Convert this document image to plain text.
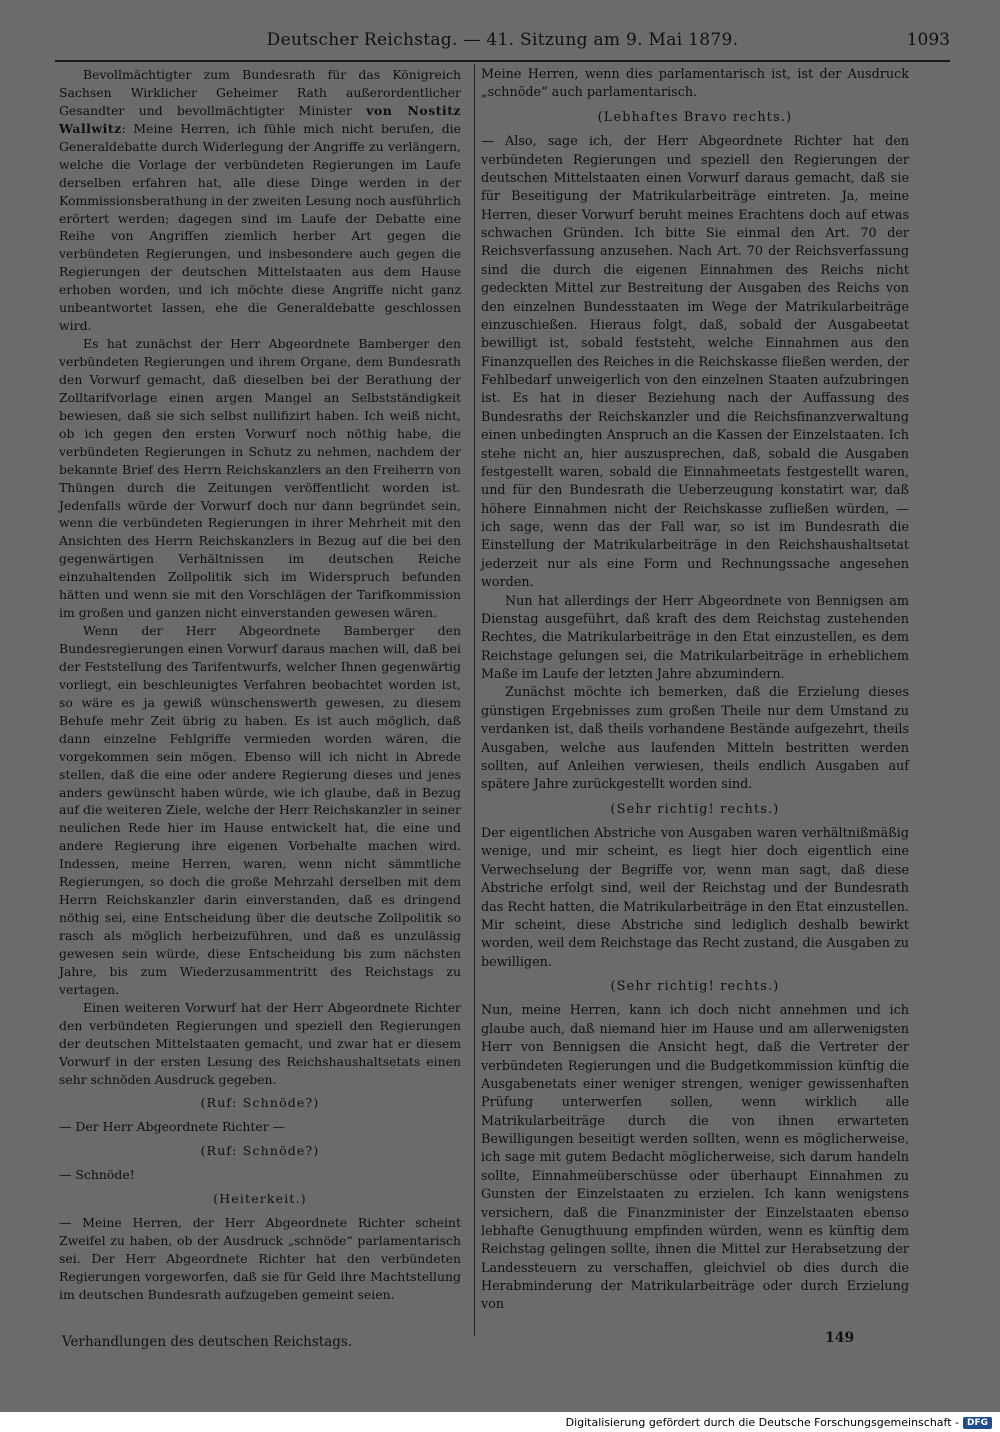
Deutscher Reichstag. — 41. Sitzung am 9. Mai 1879.	1093

Bevollmächtigter zum Bundesrath für das Königreich Sachsen Wirklicher Geheimer Rath außerordentlicher Gesandter und bevollmächtigter Minister von Nostitz Wallwitz: Meine Herren, ich fühle mich nicht berufen, die Generaldebatte durch Widerlegung der Angriffe zu verlängern, welche die Vorlage der verbündeten Regierungen im Laufe derselben erfahren hat, alle diese Dinge werden in der Kommissionsberathung in der zweiten Lesung noch ausführlich erörtert werden; dagegen sind im Laufe der Debatte eine Reihe von Angriffen ziemlich herber Art gegen die verbündeten Regierungen, und insbesondere auch gegen die Regierungen der deutschen Mittelstaaten aus dem Hause erhoben worden, und ich möchte diese Angriffe nicht ganz unbeantwortet lassen, ehe die Generaldebatte geschlossen wird.

Es hat zunächst der Herr Abgeordnete Bamberger den verbündeten Regierungen und ihrem Organe, dem Bundesrath den Vorwurf gemacht, daß dieselben bei der Berathung der Zolltarifvorlage einen argen Mangel an Selbstständigkeit bewiesen, daß sie sich selbst nullifizirt haben. Ich weiß nicht, ob ich gegen den ersten Vorwurf noch nöthig habe, die verbündeten Regierungen in Schutz zu nehmen, nachdem der bekannte Brief des Herrn Reichskanzlers an den Freiherrn von Thüngen durch die Zeitungen veröffentlicht worden ist. Jedenfalls würde der Vorwurf doch nur dann begründet sein, wenn die verbündeten Regierungen in ihrer Mehrheit mit den Ansichten des Herrn Reichskanzlers in Bezug auf die bei den gegenwärtigen Verhältnissen im deutschen Reiche einzuhaltenden Zollpolitik sich im Widerspruch befunden hätten und wenn sie mit den Vorschlägen der Tarifkommission im großen und ganzen nicht einverstanden gewesen wären.

Wenn der Herr Abgeordnete Bamberger den Bundesregierungen einen Vorwurf daraus machen will, daß bei der Feststellung des Tarifentwurfs, welcher Ihnen gegenwärtig vorliegt, ein beschleunigtes Verfahren beobachtet worden ist, so wäre es ja gewiß wünschenswerth gewesen, zu diesem Behufe mehr Zeit übrig zu haben. Es ist auch möglich, daß dann einzelne Fehlgriffe vermieden worden wären, die vorgekommen sein mögen. Ebenso will ich nicht in Abrede stellen, daß die eine oder andere Regierung dieses und jenes anders gewünscht haben würde, wie ich glaube, daß in Bezug auf die weiteren Ziele, welche der Herr Reichskanzler in seiner neulichen Rede hier im Hause entwickelt hat, die eine und andere Regierung ihre eigenen Vorbehalte machen wird. Indessen, meine Herren, waren, wenn nicht sämmtliche Regierungen, so doch die große Mehrzahl derselben mit dem Herrn Reichskanzler darin einverstanden, daß es dringend nöthig sei, eine Entscheidung über die deutsche Zollpolitik so rasch als möglich herbeizuführen, und daß es unzulässig gewesen sein würde, diese Entscheidung bis zum nächsten Jahre, bis zum Wiederzusammentritt des Reichstags zu vertagen.

Einen weiteren Vorwurf hat der Herr Abgeordnete Richter den verbündeten Regierungen und speziell den Regierungen der deutschen Mittelstaaten gemacht, und zwar hat er diesem Vorwurf in der ersten Lesung des Reichshaushaltsetats einen sehr schnöden Ausdruck gegeben.

(Ruf: Schnöde?)

— Der Herr Abgeordnete Richter —

(Ruf: Schnöde?)

— Schnöde!

(Heiterkeit.)

— Meine Herren, der Herr Abgeordnete Richter scheint Zweifel zu haben, ob der Ausdruck „schnöde“ parlamentarisch sei. Der Herr Abgeordnete Richter hat den verbündeten Regierungen vorgeworfen, daß sie für Geld ihre Machtstellung im deutschen Bundesrath aufzugeben gemeint seien.

Meine Herren, wenn dies parlamentarisch ist, ist der Ausdruck „schnöde“ auch parlamentarisch.

(Lebhaftes Bravo rechts.)

— Also, sage ich, der Herr Abgeordnete Richter hat den verbündeten Regierungen und speziell den Regierungen der deutschen Mittelstaaten einen Vorwurf daraus gemacht, daß sie für Beseitigung der Matrikularbeiträge eintreten. Ja, meine Herren, dieser Vorwurf beruht meines Erachtens doch auf etwas schwachen Gründen. Ich bitte Sie einmal den Art. 70 der Reichsverfassung anzusehen. Nach Art. 70 der Reichsverfassung sind die durch die eigenen Einnahmen des Reichs nicht gedeckten Mittel zur Bestreitung der Ausgaben des Reichs von den einzelnen Bundesstaaten im Wege der Matrikularbeiträge einzuschießen. Hieraus folgt, daß, sobald der Ausgabeetat bewilligt ist, sobald feststeht, welche Einnahmen aus den Finanzquellen des Reiches in die Reichskasse fließen werden, der Fehlbedarf unweigerlich von den einzelnen Staaten aufzubringen ist. Es hat in dieser Beziehung nach der Auffassung des Bundesraths der Reichskanzler und die Reichsfinanzverwaltung einen unbedingten Anspruch an die Kassen der Einzelstaaten. Ich stehe nicht an, hier auszusprechen, daß, sobald die Ausgaben festgestellt waren, sobald die Einnahmeetats festgestellt waren, und für den Bundesrath die Ueberzeugung konstatirt war, daß höhere Einnahmen nicht der Reichskasse zufließen würden, — ich sage, wenn das der Fall war, so ist im Bundesrath die Einstellung der Matrikularbeiträge in den Reichshaushaltsetat jederzeit nur als eine Form und Rechnungssache angesehen worden.

Nun hat allerdings der Herr Abgeordnete von Bennigsen am Dienstag ausgeführt, daß kraft des dem Reichstag zustehenden Rechtes, die Matrikularbeiträge in den Etat einzustellen, es dem Reichstage gelungen sei, die Matrikularbeiträge in erheblichem Maße im Laufe der letzten Jahre abzumindern.

Zunächst möchte ich bemerken, daß die Erzielung dieses günstigen Ergebnisses zum großen Theile nur dem Umstand zu verdanken ist, daß theils vorhandene Bestände aufgezehrt, theils Ausgaben, welche aus laufenden Mitteln bestritten werden sollten, auf Anleihen verwiesen, theils endlich Ausgaben auf spätere Jahre zurückgestellt worden sind.

(Sehr richtig! rechts.)

Der eigentlichen Abstriche von Ausgaben waren verhältnißmäßig wenige, und mir scheint, es liegt hier doch eigentlich eine Verwechselung der Begriffe vor, wenn man sagt, daß diese Abstriche erfolgt sind, weil der Reichstag und der Bundesrath das Recht hatten, die Matrikularbeiträge in den Etat einzustellen. Mir scheint, diese Abstriche sind lediglich deshalb bewirkt worden, weil dem Reichstage das Recht zustand, die Ausgaben zu bewilligen.

(Sehr richtig! rechts.)

Nun, meine Herren, kann ich doch nicht annehmen und ich glaube auch, daß niemand hier im Hause und am allerwenigsten Herr von Bennigsen die Ansicht hegt, daß die Vertreter der verbündeten Regierungen und die Budgetkommission künftig die Ausgabenetats einer weniger strengen, weniger gewissenhaften Prüfung unterwerfen sollen, wenn wirklich alle Matrikularbeiträge durch die von ihnen erwarteten Bewilligungen beseitigt werden sollten, wenn es möglicherweise, ich sage mit gutem Bedacht möglicherweise, sich darum handeln sollte, Einnahmeüberschüsse oder überhaupt Einnahmen zu Gunsten der Einzelstaaten zu erzielen. Ich kann wenigstens versichern, daß die Finanzminister der Einzelstaaten ebenso lebhafte Genugthuung empfinden würden, wenn es künftig dem Reichstag gelingen sollte, ihnen die Mittel zur Herabsetzung der Landessteuern zu verschaffen, gleichviel ob dies durch die Herabminderung der Matrikularbeiträge oder durch Erzielung von

Verhandlungen des deutschen Reichstags.	149
Digitalisierung gefördert durch die Deutsche Forschungsgemeinschaft - DFG
